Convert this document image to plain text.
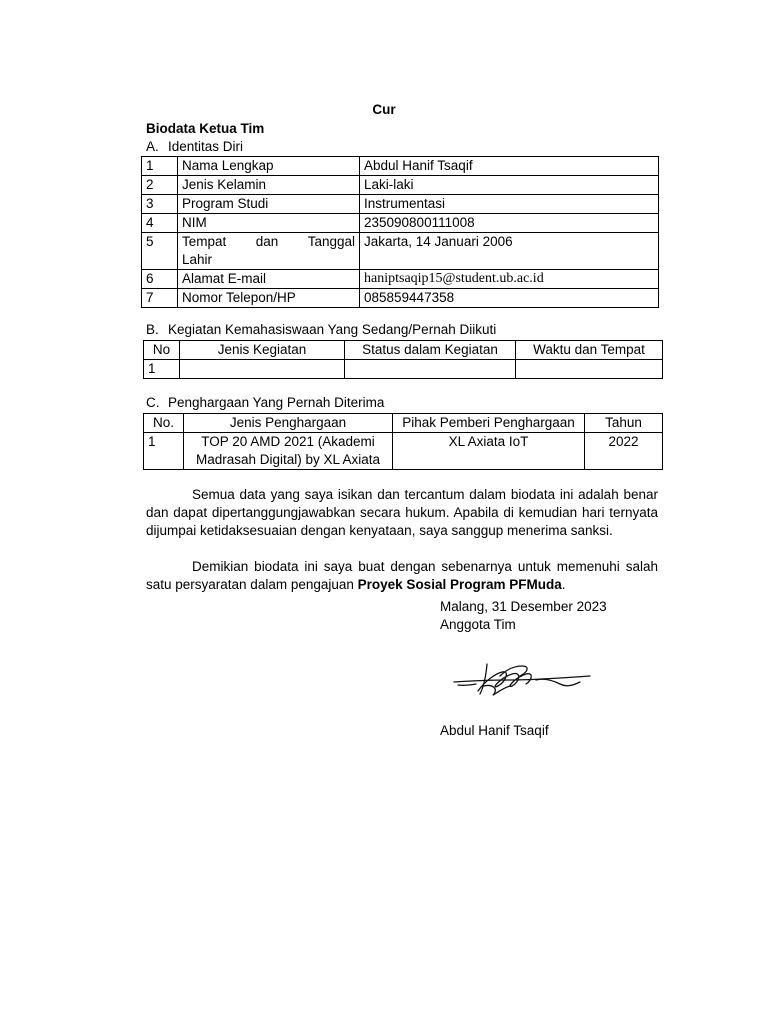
Cur
Biodata Ketua Tim
A. Identitas Diri
1	Nama Lengkap	Abdul Hanif Tsaqif
2	Jenis Kelamin	Laki-laki
3	Program Studi	Instrumentasi
4	NIM	235090800111008
5	Tempat dan Tanggal
Lahir	Jakarta, 14 Januari 2006
6	Alamat E-mail	haniptsaqip15@student.ub.ac.id
7	Nomor Telepon/HP	085859447358
B. Kegiatan Kemahasiswaan Yang Sedang/Pernah Diikuti
No	Jenis Kegiatan	Status dalam Kegiatan	Waktu dan Tempat
1			
C. Penghargaan Yang Pernah Diterima
No.	Jenis Penghargaan	Pihak Pemberi Penghargaan	Tahun
1	TOP 20 AMD 2021 (Akademi Madrasah Digital) by XL Axiata	XL Axiata IoT	2022
Semua data yang saya isikan dan tercantum dalam biodata ini adalah benar dan dapat dipertanggungjawabkan secara hukum. Apabila di kemudian hari ternyata dijumpai ketidaksesuaian dengan kenyataan, saya sanggup menerima sanksi.
Demikian biodata ini saya buat dengan sebenarnya untuk memenuhi salah satu persyaratan dalam pengajuan Proyek Sosial Program PFMuda.
Malang, 31 Desember 2023
Anggota Tim
Abdul Hanif Tsaqif
